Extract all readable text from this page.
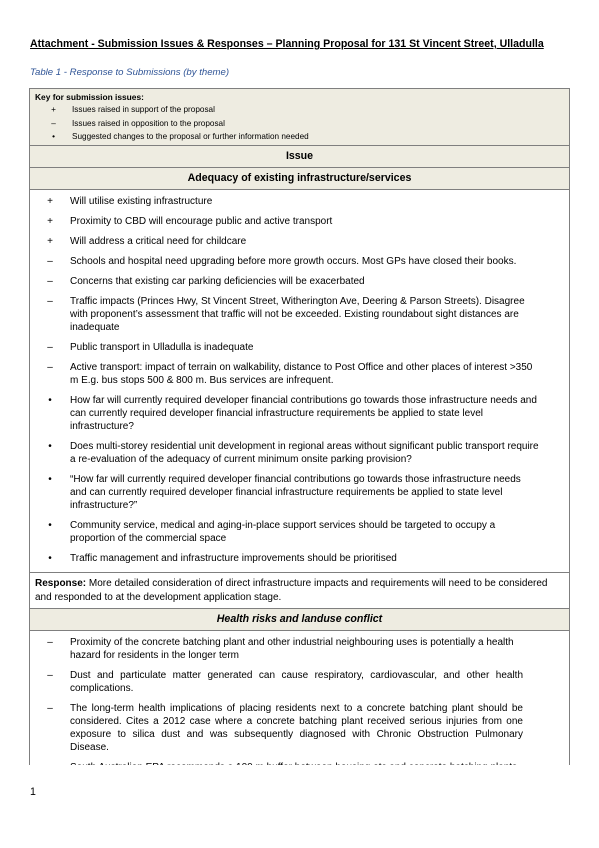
Attachment - Submission Issues & Responses – Planning Proposal for 131 St Vincent Street, Ulladulla
Table 1 - Response to Submissions (by theme)
Key for submission issues:
+	Issues raised in support of the proposal
–	Issues raised in opposition to the proposal
•	Suggested changes to the proposal or further information needed
Issue
Adequacy of existing infrastructure/services
+	Will utilise existing infrastructure
+	Proximity to CBD will encourage public and active transport
+	Will address a critical need for childcare
–	Schools and hospital need upgrading before more growth occurs. Most GPs have closed their books.
–	Concerns that existing car parking deficiencies will be exacerbated
–	Traffic impacts (Princes Hwy, St Vincent Street, Witherington Ave, Deering & Parson Streets). Disagree with proponent’s assessment that traffic will not be exceeded. Existing roundabout sight distances are inadequate
–	Public transport in Ulladulla is inadequate
–	Active transport: impact of terrain on walkability, distance to Post Office and other places of interest >350 m E.g. bus stops 500 & 800 m. Bus services are infrequent.
•	How far will currently required developer financial contributions go towards those infrastructure needs and can currently required developer financial infrastructure requirements be applied to state level infrastructure?
•	Does multi-storey residential unit development in regional areas without significant public transport require a re-evaluation of the adequacy of current minimum onsite parking provision?
•	“How far will currently required developer financial contributions go towards those infrastructure needs and can currently required developer financial infrastructure requirements be applied to state level infrastructure?”
•	Community service, medical and aging-in-place support services should be targeted to occupy a proportion of the commercial space
•	Traffic management and infrastructure improvements should be prioritised
Response: More detailed consideration of direct infrastructure impacts and requirements will need to be considered and responded to at the development application stage.
Health risks and landuse conflict
–	Proximity of the concrete batching plant and other industrial neighbouring uses is potentially a health hazard for residents in the longer term
–	Dust and particulate matter generated can cause respiratory, cardiovascular, and other health complications.
–	The long-term health implications of placing residents next to a concrete batching plant should be considered. Cites a 2012 case where a concrete batching plant received serious injuries from one exposure to silica dust and was subsequently diagnosed with Chronic Obstruction Pulmonary Disease.
1
